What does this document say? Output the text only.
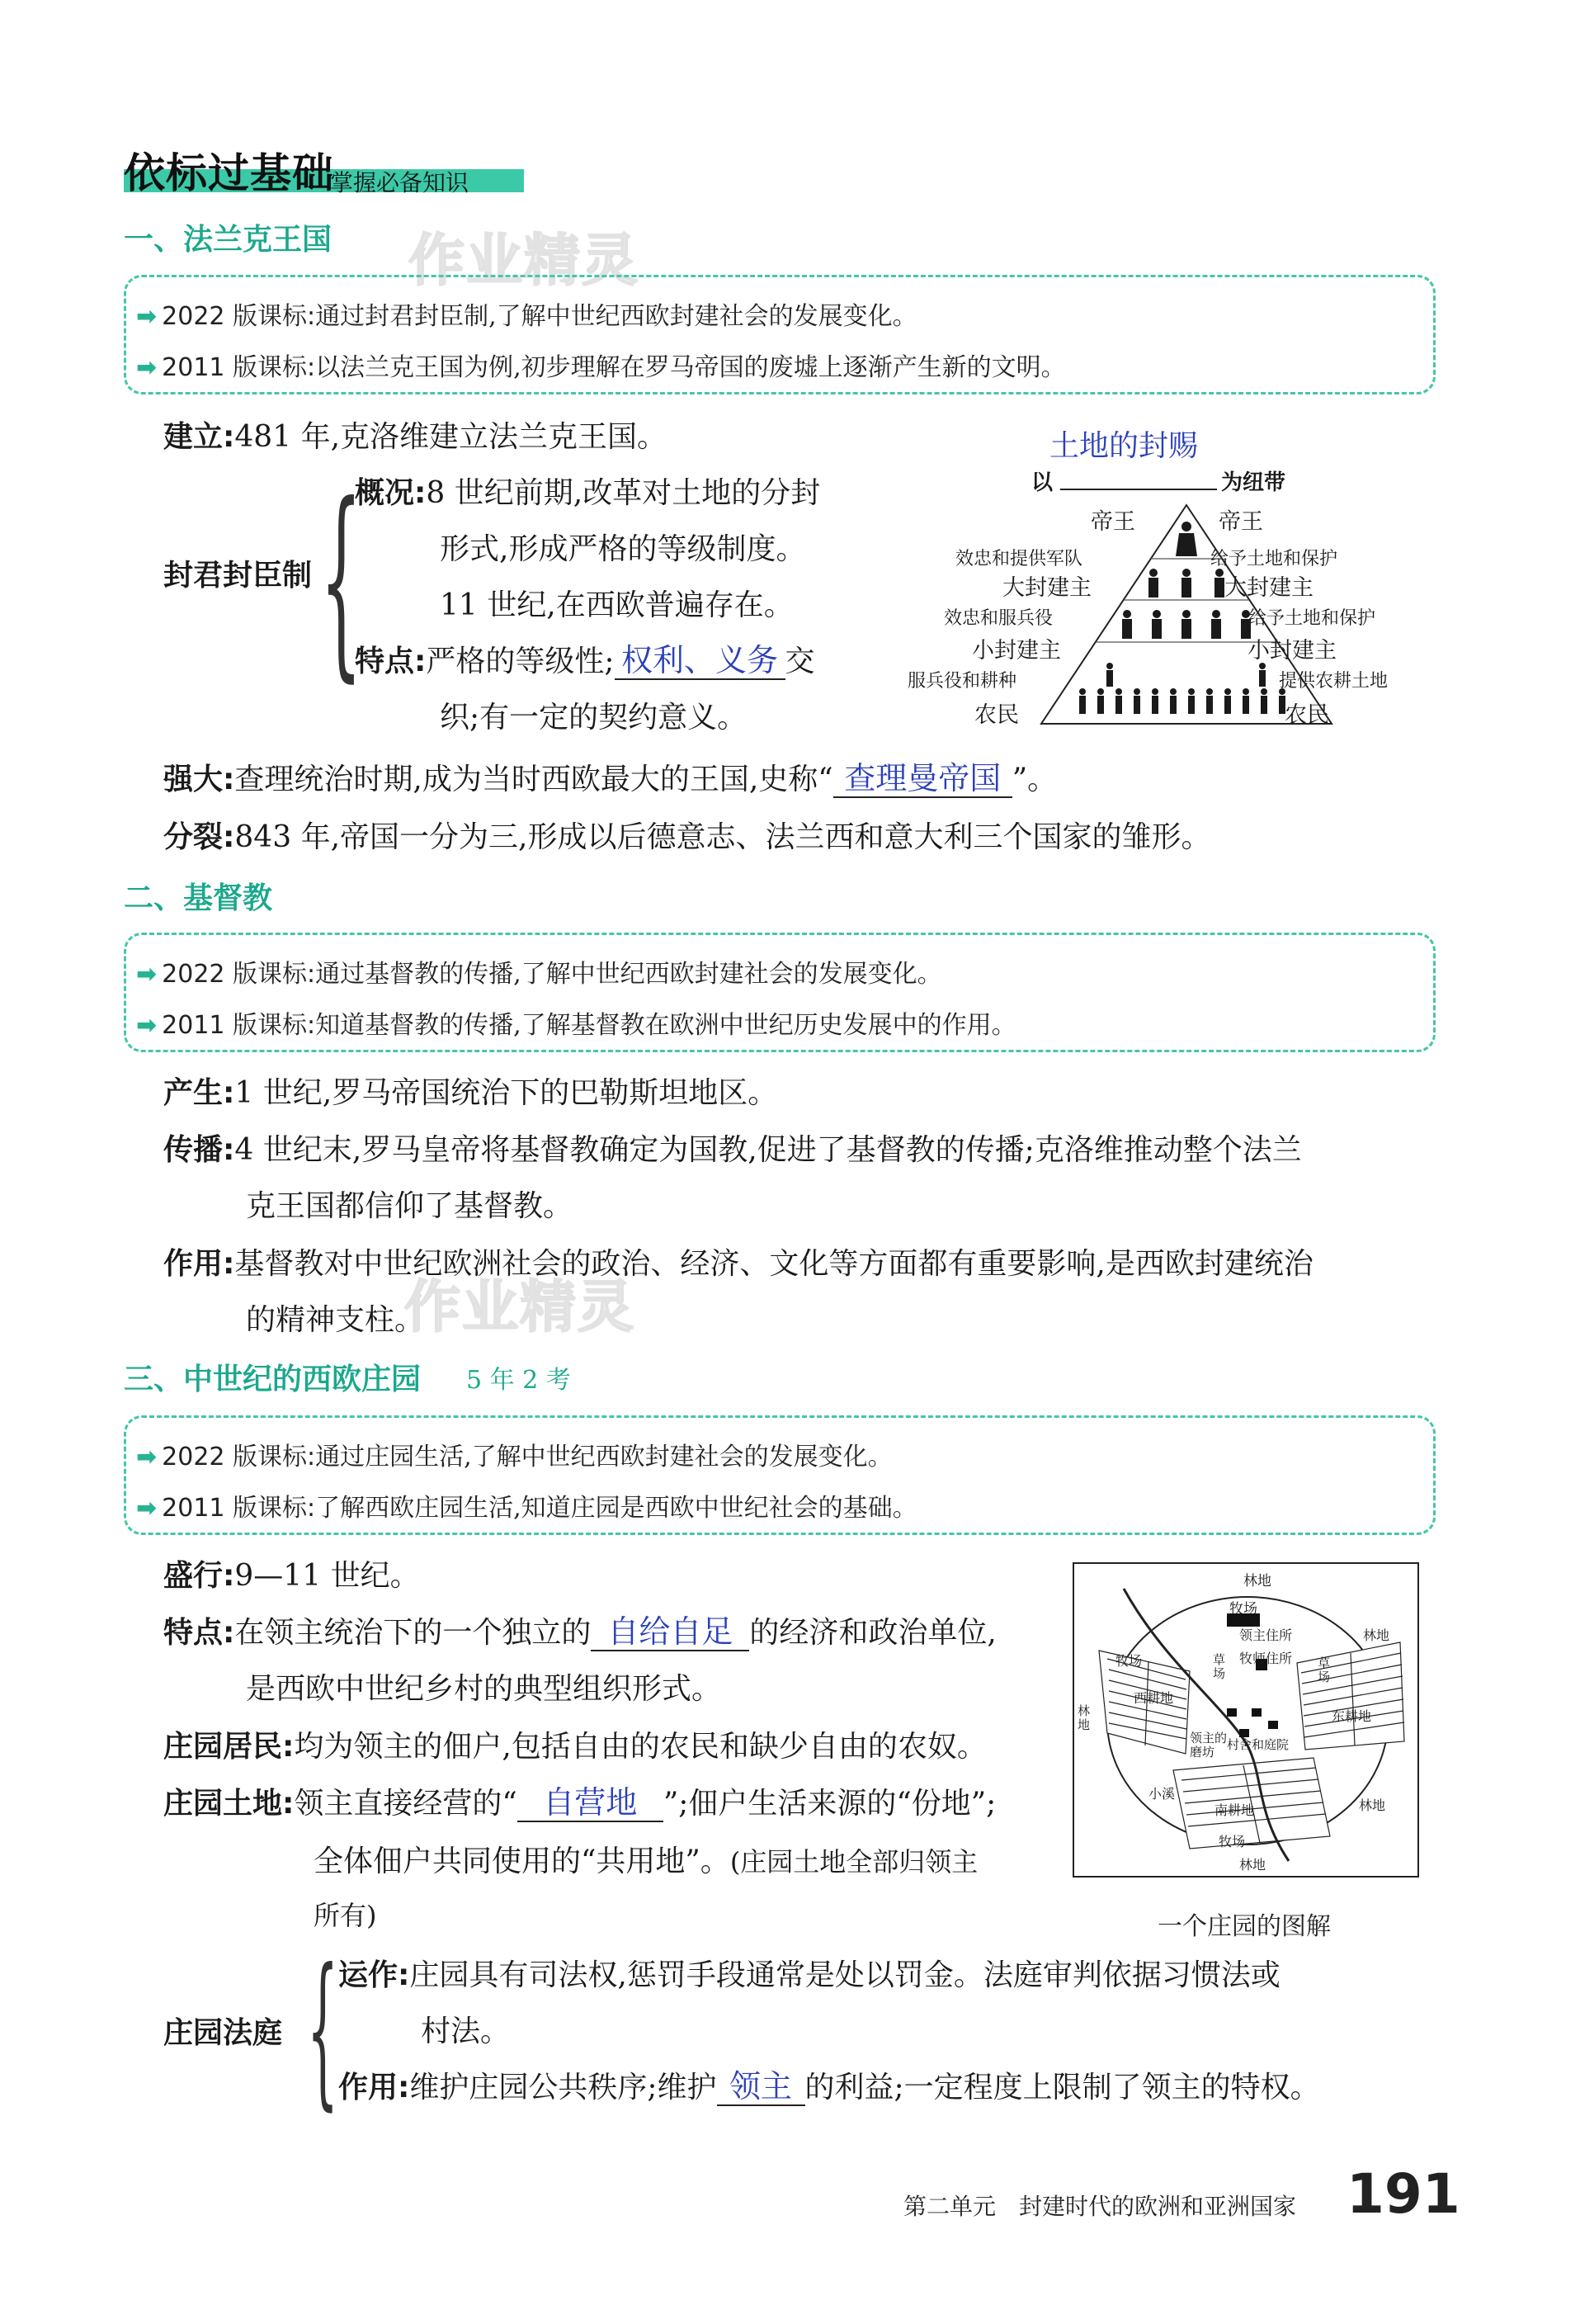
依标过基础
掌握必备知识
一、法兰克王国 作业精灵
➡ 2022 版课标:通过封君封臣制,了解中世纪西欧封建社会的发展变化。
➡ 2011 版课标:以法兰克王国为例,初步理解在罗马帝国的废墟上逐渐产生新的文明。
建立:481 年,克洛维建立法兰克王国。
封君封臣制 {
概况:8 世纪前期,改革对土地的分封
形式,形成严格的等级制度。
11 世纪,在西欧普遍存在。
特点:严格的等级性; 权利、义务 交
织;有一定的契约意义。
土地的封赐
以	为纽带
帝王
效忠和提供军队
大封建主
效忠和服兵役
小封建主
服兵役和耕种
农民
帝王
给予土地和保护
大封建主
给予土地和保护
小封建主
提供农耕土地
农民
强大:查理统治时期,成为当时西欧最大的王国,史称“ 查理曼帝国 ”。
分裂:843 年,帝国一分为三,形成以后德意志、法兰西和意大利三个国家的雏形。
二、基督教
➡ 2022 版课标:通过基督教的传播,了解中世纪西欧封建社会的发展变化。
➡ 2011 版课标:知道基督教的传播,了解基督教在欧洲中世纪历史发展中的作用。
产生:1 世纪,罗马帝国统治下的巴勒斯坦地区。
传播:4 世纪末,罗马皇帝将基督教确定为国教,促进了基督教的传播;克洛维推动整个法兰
克王国都信仰了基督教。
作用:基督教对中世纪欧洲社会的政治、经济、文化等方面都有重要影响,是西欧封建统治
的精神支柱。
作业精灵
三、中世纪的西欧庄园 5 年 2 考
➡ 2022 版课标:通过庄园生活,了解中世纪西欧封建社会的发展变化。
➡ 2011 版课标:了解西欧庄园生活,知道庄园是西欧中世纪社会的基础。
盛行:9—11 世纪。
特点:在领主统治下的一个独立的 自给自足 的经济和政治单位,
是西欧中世纪乡村的典型组织形式。
庄园居民:均为领主的佃户,包括自由的农民和缺少自由的农奴。
庄园土地:领主直接经营的“ 自营地 ”;佃户生活来源的“份地”;
全体佃户共同使用的“共用地”。(庄园土地全部归领主
所有)
林地
牧场
领主住所
牧师住所
林地
牧场	草场
草场
西耕地
东耕地
林地
领主的磨坊 村舍和庭院
小溪
南耕地	林地
牧场
林地
一个庄园的图解
庄园法庭 { 运作:庄园具有司法权,惩罚手段通常是处以罚金。法庭审判依据习惯法或
村法。
作用:维护庄园公共秩序;维护 领主 的利益;一定程度上限制了领主的特权。
第二单元　封建时代的欧洲和亚洲国家 191
